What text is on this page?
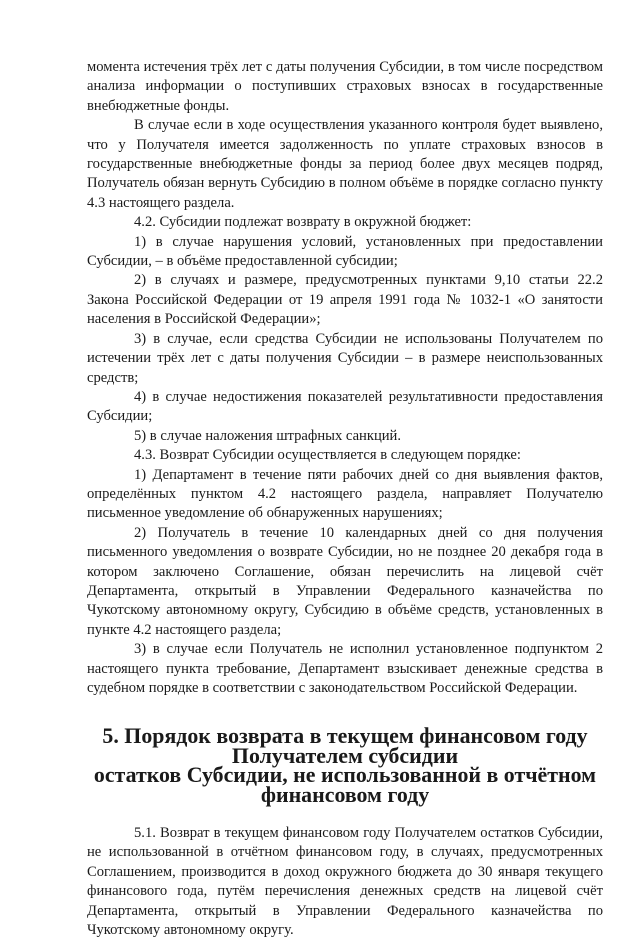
момента истечения трёх лет с даты получения Субсидии, в том числе посредством анализа информации о поступивших страховых взносах в государственные внебюджетные фонды.

В случае если в ходе осуществления указанного контроля будет выявлено, что у Получателя имеется задолженность по уплате страховых взносов в государственные внебюджетные фонды за период более двух месяцев подряд, Получатель обязан вернуть Субсидию в полном объёме в порядке согласно пункту 4.3 настоящего раздела.

4.2. Субсидии подлежат возврату в окружной бюджет:

1) в случае нарушения условий, установленных при предоставлении Субсидии, – в объёме предоставленной субсидии;

2) в случаях и размере, предусмотренных пунктами 9,10 статьи 22.2 Закона Российской Федерации от 19 апреля 1991 года № 1032-1 «О занятости населения в Российской Федерации»;

3) в случае, если средства Субсидии не использованы Получателем по истечении трёх лет с даты получения Субсидии – в размере неиспользованных средств;

4) в случае недостижения показателей результативности предоставления Субсидии;

5) в случае наложения штрафных санкций.

4.3. Возврат Субсидии осуществляется в следующем порядке:

1) Департамент в течение пяти рабочих дней со дня выявления фактов, определённых пунктом 4.2 настоящего раздела, направляет Получателю письменное уведомление об обнаруженных нарушениях;

2) Получатель в течение 10 календарных дней со дня получения письменного уведомления о возврате Субсидии, но не позднее 20 декабря года в котором заключено Соглашение, обязан перечислить на лицевой счёт Департамента, открытый в Управлении Федерального казначейства по Чукотскому автономному округу, Субсидию в объёме средств, установленных в пункте 4.2 настоящего раздела;

3) в случае если Получатель не исполнил установленное подпунктом 2 настоящего пункта требование, Департамент взыскивает денежные средства в судебном порядке в соответствии с законодательством Российской Федерации.

5. Порядок возврата в текущем финансовом году Получателем субсидии
остатков Субсидии, не использованной в отчётном финансовом году

5.1. Возврат в текущем финансовом году Получателем остатков Субсидии, не использованной в отчётном финансовом году, в случаях, предусмотренных Соглашением, производится в доход окружного бюджета до 30 января текущего финансового года, путём перечисления денежных средств на лицевой счёт Департамента, открытый в Управлении Федерального казначейства по Чукотскому автономному округу.
